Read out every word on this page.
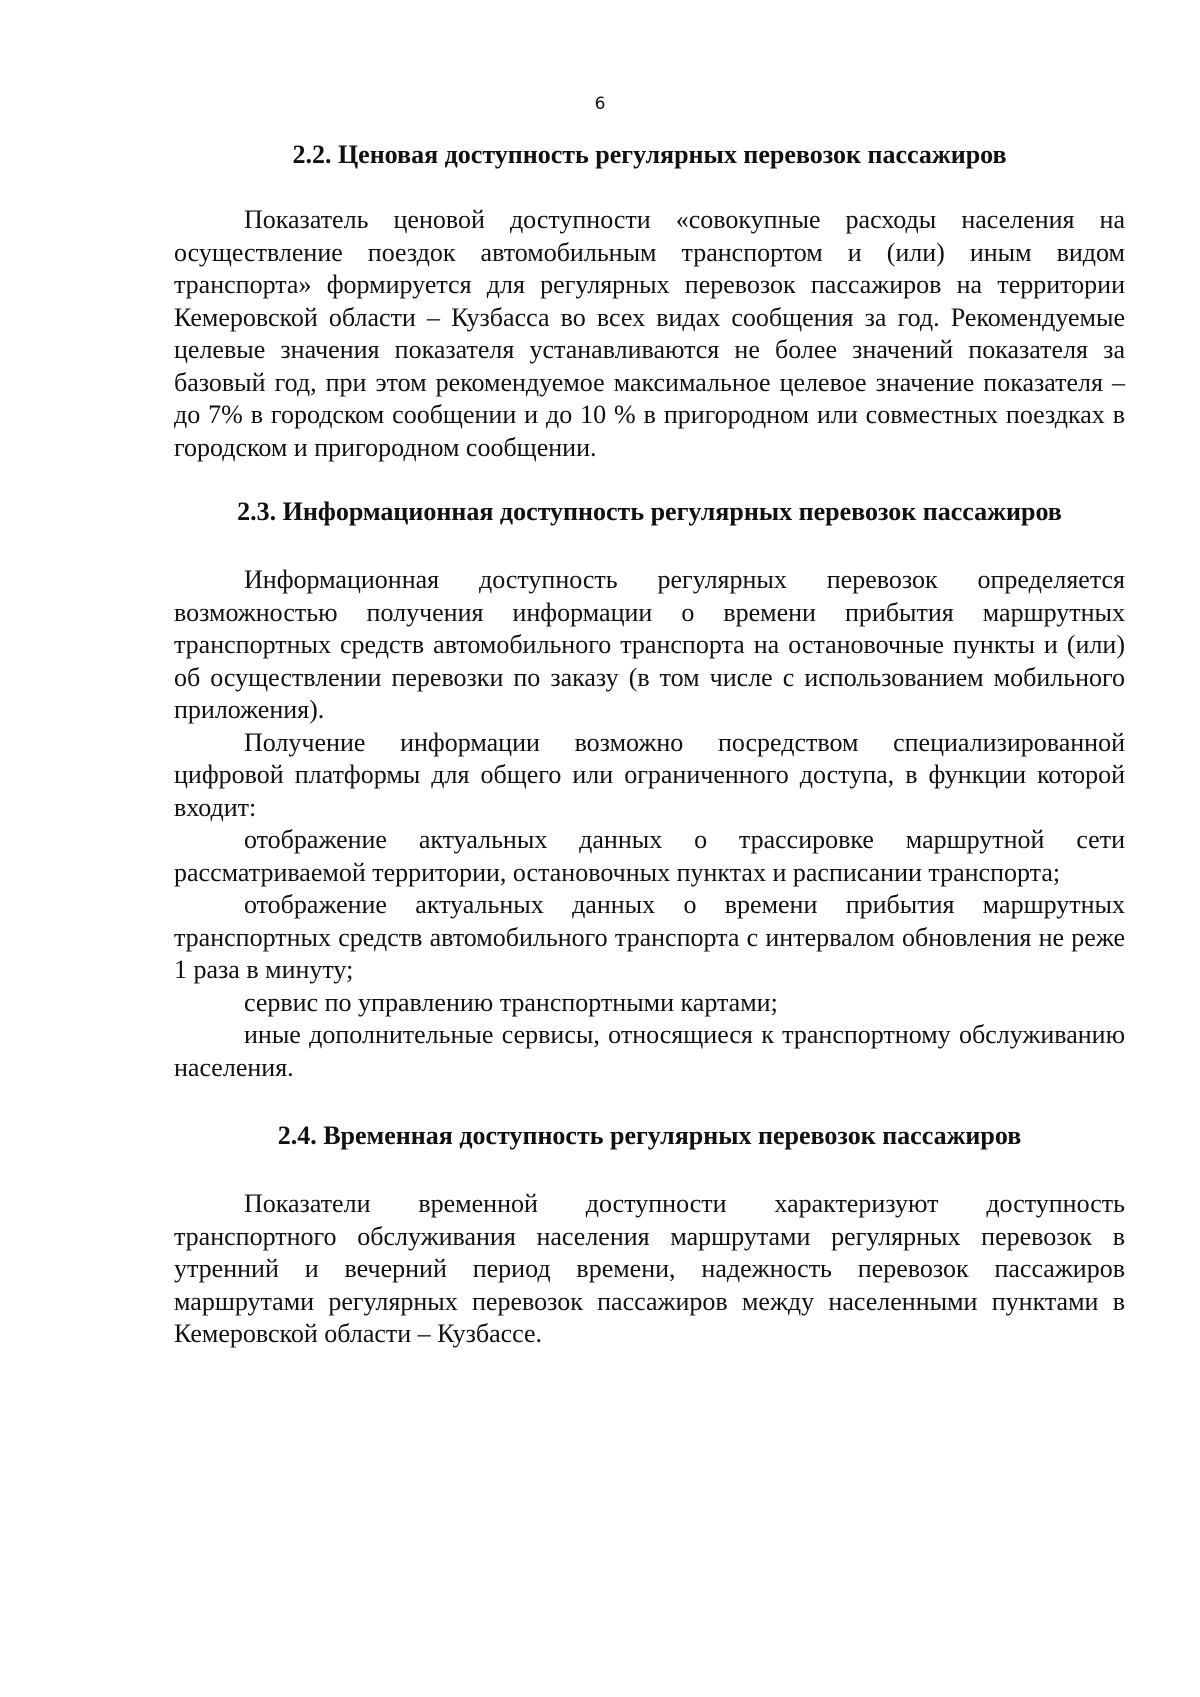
6
2.2. Ценовая доступность регулярных перевозок пассажиров

Показатель ценовой доступности «совокупные расходы населения на осуществление поездок автомобильным транспортом и (или) иным видом транспорта» формируется для регулярных перевозок пассажиров на территории Кемеровской области – Кузбасса во всех видах сообщения за год. Рекомендуемые целевые значения показателя устанавливаются не более значений показателя за базовый год, при этом рекомендуемое максимальное целевое значение показателя – до 7% в городском сообщении и до 10 % в пригородном или совместных поездках в городском и пригородном сообщении.

2.3. Информационная доступность регулярных перевозок пассажиров

Информационная доступность регулярных перевозок определяется возможностью получения информации о времени прибытия маршрутных транспортных средств автомобильного транспорта на остановочные пункты и (или) об осуществлении перевозки по заказу (в том числе с использованием мобильного приложения).

Получение информации возможно посредством специализированной цифровой платформы для общего или ограниченного доступа, в функции которой входит:

отображение актуальных данных о трассировке маршрутной сети рассматриваемой территории, остановочных пунктах и расписании транспорта;

отображение актуальных данных о времени прибытия маршрутных транспортных средств автомобильного транспорта с интервалом обновления не реже 1 раза в минуту;

сервис по управлению транспортными картами;

иные дополнительные сервисы, относящиеся к транспортному обслуживанию населения.

2.4. Временная доступность регулярных перевозок пассажиров

Показатели временной доступности характеризуют доступность транспортного обслуживания населения маршрутами регулярных перевозок в утренний и вечерний период времени, надежность перевозок пассажиров маршрутами регулярных перевозок пассажиров между населенными пунктами в Кемеровской области – Кузбассе.
